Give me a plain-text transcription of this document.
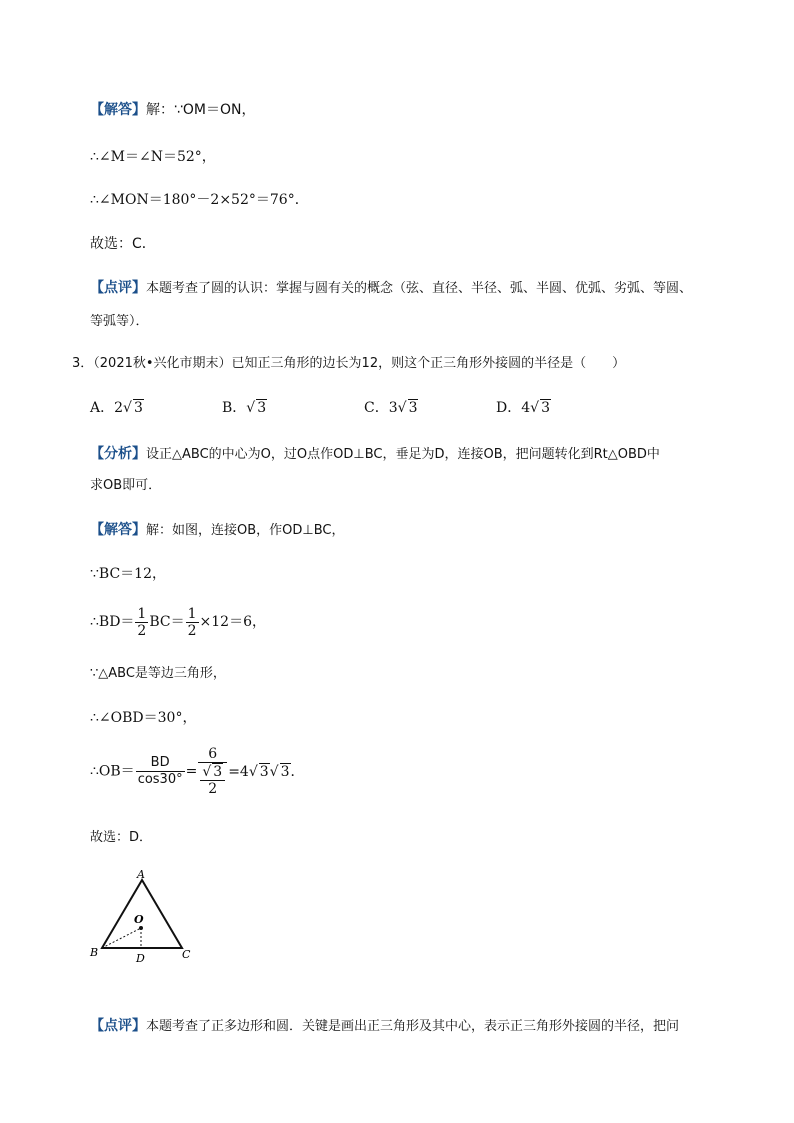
【解答】解：∵OM＝ON，
∴∠M＝∠N＝52°，
∴∠MON＝180°－2×52°＝76°．
故选：C．
【点评】本题考查了圆的认识：掌握与圆有关的概念（弦、直径、半径、弧、半圆、优弧、劣弧、等圆、
等弧等）．
3．（2021秋•兴化市期末）已知正三角形的边长为12，则这个正三角形外接圆的半径是（　　）
A．2√ 3	B．√ 3	C．3√ 3	D．4√ 3
【分析】设正△ABC的中心为O，过O点作OD⊥BC，垂足为D，连接OB，把问题转化到Rt△OBD中
求OB即可．
【解答】解：如图，连接OB，作OD⊥BC，
∵BC＝12，
∴BD＝ $\frac{1}{2} BC= \frac{1}{2} \times 12=6$，
∵△ABC是等边三角形，
∴∠OBD＝30°，
∴OB＝ $\frac{BD}{\cos 30^\circ} = \frac{6}{\frac{√ 3}{2}} =4√$ 3√ 3．
故选：D．
A
O
B	D	C
【点评】本题考查了正多边形和圆．关键是画出正三角形及其中心，表示正三角形外接圆的半径，把问
